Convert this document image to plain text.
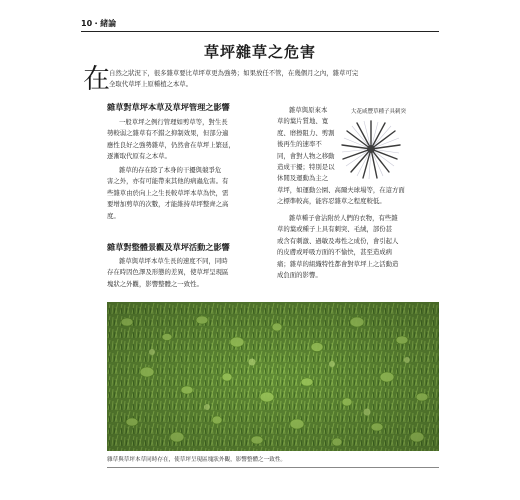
10・緒論
草坪雜草之危害
在 自然之狀況下，很多雜草要比草坪草更為強勢；如果放任不管，在幾個月之內，雜草可完
全取代草坪上原種植之本草。
雜草對草坪本草及草坪管理之影響
一般草坪之例行管理如剪草等，對生長
勢較弱之雜草有不錯之抑制效果，但部分適
應性良好之強勢雜草，仍然會在草坪上繁延，
逐漸取代原有之本草。
雜草的存在除了本身的干擾與競爭危
害之外，亦有可能帶來其他的病蟲危害。有
些雜草由於向上之生長較草坪本草為快，需
要增加剪草的次數，才能維持草坪整齊之高
度。
雜草對整體景觀及草坪活動之影響
雜草與草坪本草生長的速度不同，同時
存在時因色澤及形態的差異，使草坪呈現區
塊狀之外觀，影響整體之一致性。
雜草與原來本
草的葉片質地、寬
度、磨擦阻力、剪割
後再生的速率不
同，會對人物之移動
造成干擾；特別是以
休閒及運動為主之
大花咸豐草種子具刺突
草坪，如運動公園、高爾夫球場等，在這方面
之標準較高，能容忍雜草之程度較低。
雜草種子會沾附於人們的衣物，有些雜
草的葉或種子上具有刺突、毛絨，部份甚
或含有刺激、過敏及毒性之成份，會引起人
的皮膚或呼吸方面的不愉快，甚至造成病
痛；雜草的組織特性都會對草坪上之活動造
成負面的影響。
雜草與草坪本草同時存在，使草坪呈現區塊狀外觀，影響整體之一致性。
